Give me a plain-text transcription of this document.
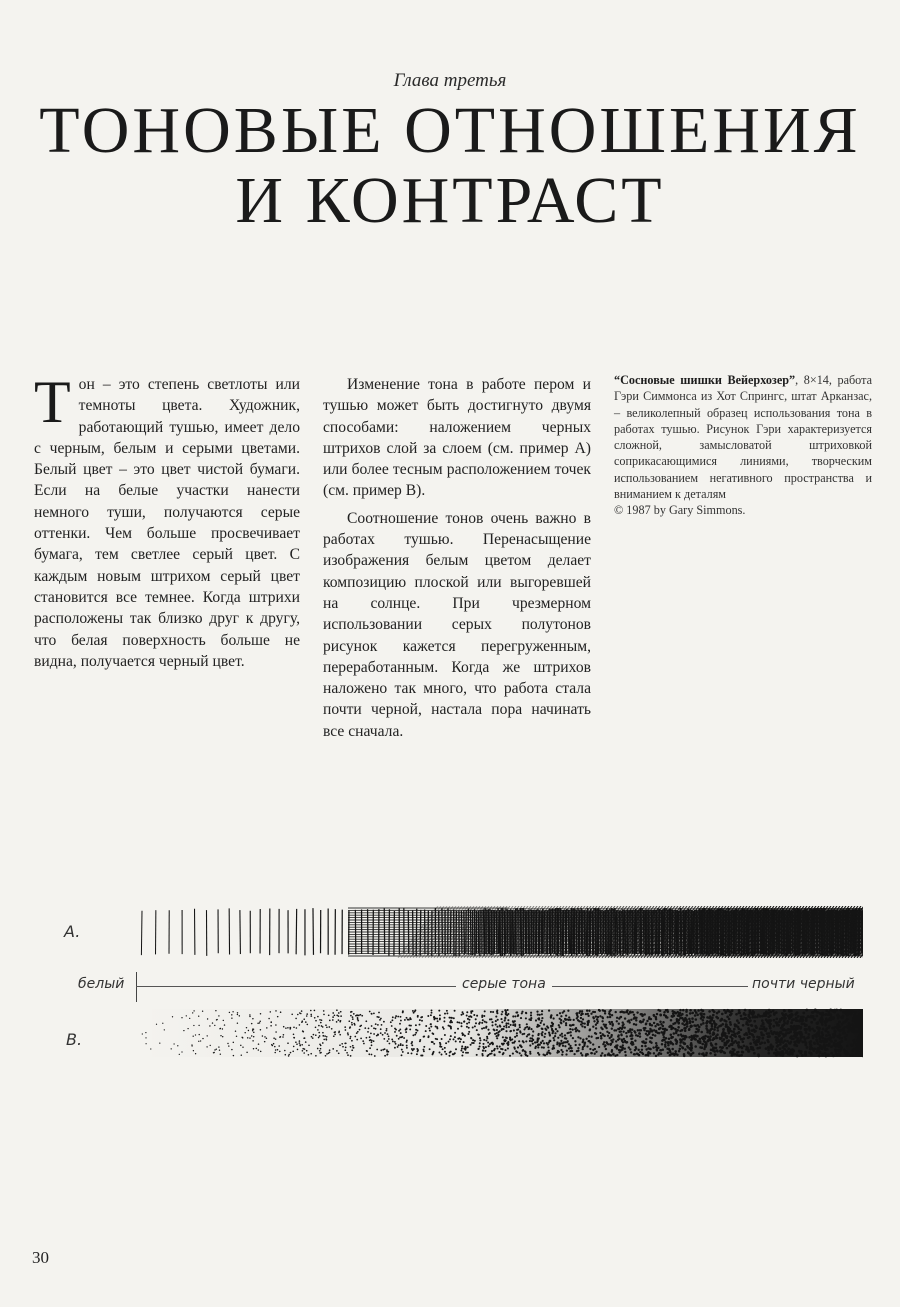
Глава третья
ТОНОВЫЕ ОТНОШЕНИЯ
И КОНТРАСТ

Тон – это степень светлоты или темноты цвета. Художник, работающий тушью, имеет дело с черным, белым и серыми цветами. Белый цвет – это цвет чистой бумаги. Если на белые участки нанести немного туши, получаются серые оттенки. Чем больше просвечивает бумага, тем светлее серый цвет. С каждым новым штрихом серый цвет становится все темнее. Когда штрихи расположены так близко друг к другу, что белая поверхность больше не видна, получается черный цвет.

Изменение тона в работе пером и тушью может быть достигнуто двумя способами: наложением черных штрихов слой за слоем (см. пример А) или более тесным расположением точек (см. пример В).

Соотношение тонов очень важно в работах тушью. Перенасыщение изображения белым цветом делает композицию плоской или выгоревшей на солнце. При чрезмерном использовании серых полутонов рисунок кажется перегруженным, переработанным. Когда же штрихов наложено так много, что работа стала почти черной, настала пора начинать все сначала.

“Сосновые шишки Вейерхозер”, 8×14, работа Гэри Симмонса из Хот Спрингс, штат Арканзас, – великолепный образец использования тона в работах тушью. Рисунок Гэри характеризуется сложной, замысловатой штриховкой соприкасающимися линиями, творческим использованием негативного пространства и вниманием к деталям
© 1987 by Gary Simmons.
A.
белый	серые тона	почти черный
B.
30
